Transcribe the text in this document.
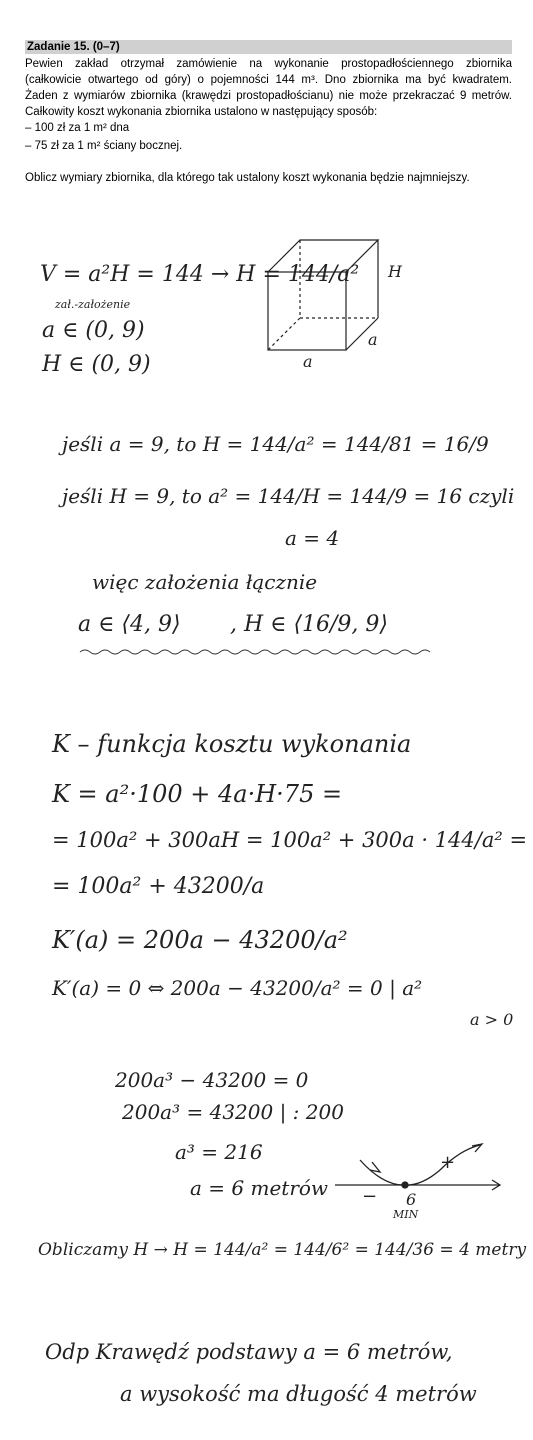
Zadanie 15. (0–7)
Pewien zakład otrzymał zamówienie na wykonanie prostopadłościennego zbiornika
(całkowicie otwartego od góry) o pojemności 144 m³. Dno zbiornika ma być kwadratem.
Żaden z wymiarów zbiornika (krawędzi prostopadłościanu) nie może przekraczać 9 metrów.
Całkowity koszt wykonania zbiornika ustalono w następujący sposób:
– 100 zł za 1 m² dna
– 75 zł za 1 m² ściany bocznej.
Oblicz wymiary zbiornika, dla którego tak ustalony koszt wykonania będzie najmniejszy.
V = a²H = 144 → H = 144/a²
zał.-założenie
a ∈ (0, 9)
H ∈ (0, 9)
H
a
a
jeśli a = 9, to H = 144/a² = 144/81 = 16/9
jeśli H = 9, to a² = 144/H = 144/9 = 16 czyli
a = 4
więc założenia łącznie
a ∈ ⟨4, 9⟩ , H ∈ ⟨16/9, 9⟩
K – funkcja kosztu wykonania
K = a²·100 + 4a·H·75 =
= 100a² + 300aH = 100a² + 300a · 144/a² =
= 100a² + 43200/a
K′(a) = 200a − 43200/a²
K′(a) = 0 ⇔ 200a − 43200/a² = 0 | a²
a > 0
200a³ − 43200 = 0
200a³ = 43200 | : 200
a³ = 216
a = 6 metrów −
+
6
MIN
Obliczamy H → H = 144/a² = 144/6² = 144/36 = 4 metry
Odp Krawędź podstawy a = 6 metrów,
a wysokość ma długość 4 metrów
